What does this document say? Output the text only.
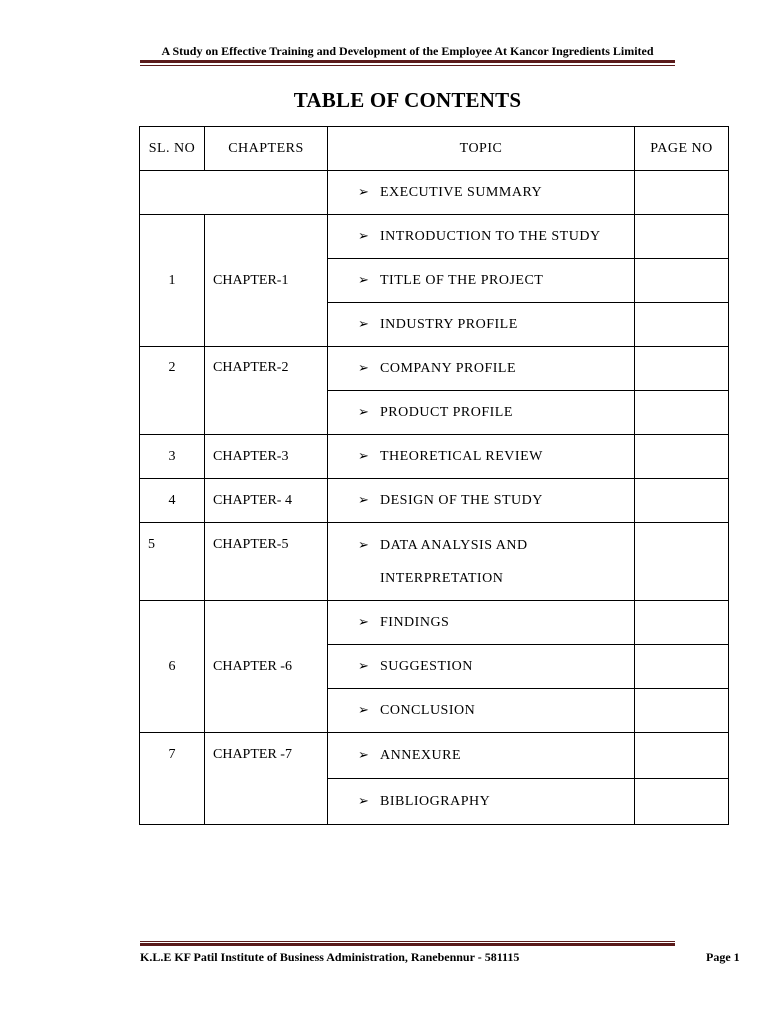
A Study on Effective Training and Development of the Employee At Kancor Ingredients Limited
TABLE OF CONTENTS
SL. NO	CHAPTERS	TOPIC	PAGE NO
		➢ EXECUTIVE SUMMARY	
1	CHAPTER-1	➢ INTRODUCTION TO THE STUDY	
		➢ TITLE OF THE PROJECT	
		➢ INDUSTRY PROFILE	
2	CHAPTER-2	➢ COMPANY PROFILE	
		➢ PRODUCT PROFILE	
3	CHAPTER-3	➢ THEORETICAL REVIEW	
4	CHAPTER- 4	➢ DESIGN OF THE STUDY	
5	CHAPTER-5	➢ DATA ANALYSIS AND
INTERPRETATION	

6	CHAPTER -6	➢ FINDINGS	
		➢ SUGGESTION	
		➢ CONCLUSION	
7	CHAPTER -7	➢ ANNEXURE	
		➢ BIBLIOGRAPHY	
K.L.E KF Patil Institute of Business Administration, Ranebennur - 581115	Page 1
